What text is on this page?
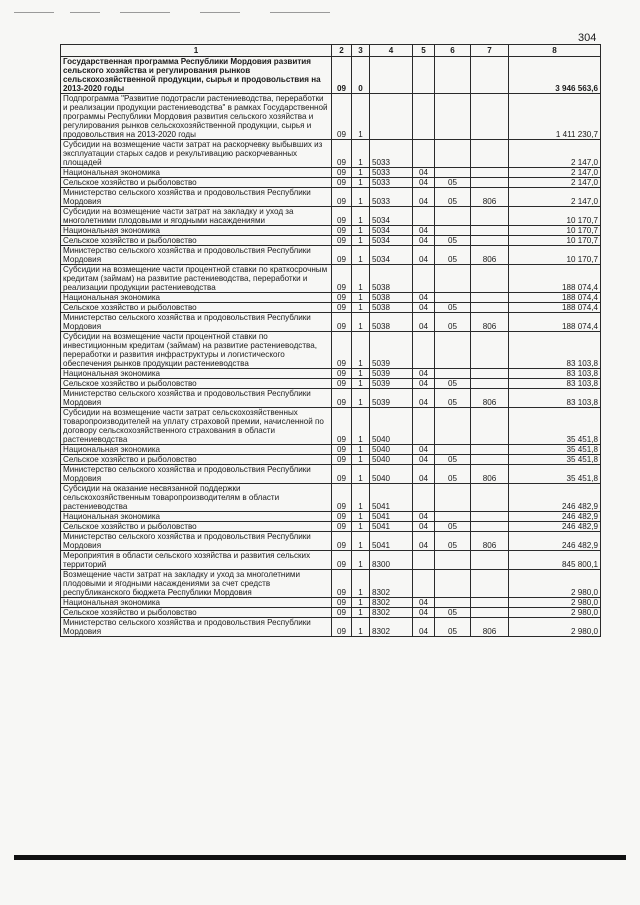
304
1	2	3	4	5	6	7	8
Государственная программа Республики Мордовия развития сельского хозяйства и регулирования рынков сельскохозяйственной продукции, сырья и продовольствия на 2013-2020 годы	09	0					3 946 563,6
Подпрограмма "Развитие подотрасли растениеводства, переработки и реализации продукции растениеводства" в рамках Государственной программы Республики Мордовия развития сельского хозяйства и регулирования рынков сельскохозяйственной продукции, сырья и продовольствия на 2013-2020 годы	09	1					1 411 230,7
Субсидии на возмещение части затрат на раскорчевку выбывших из эксплуатации старых садов и рекультивацию раскорчеванных площадей	09	1	5033				2 147,0
Национальная экономика	09	1	5033	04			2 147,0
Сельское хозяйство и рыболовство	09	1	5033	04	05		2 147,0
Министерство сельского хозяйства и продовольствия Республики Мордовия	09	1	5033	04	05	806	2 147,0
Субсидии на возмещение части затрат на закладку и уход за многолетними плодовыми и ягодными насаждениями	09	1	5034				10 170,7
Национальная экономика	09	1	5034	04			10 170,7
Сельское хозяйство и рыболовство	09	1	5034	04	05		10 170,7
Министерство сельского хозяйства и продовольствия Республики Мордовия	09	1	5034	04	05	806	10 170,7
Субсидии на возмещение части процентной ставки по краткосрочным кредитам (займам) на развитие растениеводства, переработки и реализации продукции растениеводства	09	1	5038				188 074,4
Национальная экономика	09	1	5038	04			188 074,4
Сельское хозяйство и рыболовство	09	1	5038	04	05		188 074,4
Министерство сельского хозяйства и продовольствия Республики Мордовия	09	1	5038	04	05	806	188 074,4
Субсидии на возмещение части процентной ставки по инвестиционным кредитам (займам) на развитие растениеводства, переработки и развития инфраструктуры и логистического обеспечения рынков продукции растениеводства	09	1	5039				83 103,8
Национальная экономика	09	1	5039	04			83 103,8
Сельское хозяйство и рыболовство	09	1	5039	04	05		83 103,8
Министерство сельского хозяйства и продовольствия Республики Мордовия	09	1	5039	04	05	806	83 103,8
Субсидии на возмещение части затрат сельскохозяйственных товаропроизводителей на уплату страховой премии, начисленной по договору сельскохозяйственного страхования в области растениеводства	09	1	5040				35 451,8
Национальная экономика	09	1	5040	04			35 451,8
Сельское хозяйство и рыболовство	09	1	5040	04	05		35 451,8
Министерство сельского хозяйства и продовольствия Республики Мордовия	09	1	5040	04	05	806	35 451,8
Субсидии на оказание несвязанной поддержки сельскохозяйственным товаропроизводителям в области растениеводства	09	1	5041				246 482,9
Национальная экономика	09	1	5041	04			246 482,9
Сельское хозяйство и рыболовство	09	1	5041	04	05		246 482,9
Министерство сельского хозяйства и продовольствия Республики Мордовия	09	1	5041	04	05	806	246 482,9
Мероприятия в области сельского хозяйства и развития сельских территорий	09	1	8300				845 800,1
Возмещение части затрат на закладку и уход за многолетними плодовыми и ягодными насаждениями за счет средств республиканского бюджета Республики Мордовия	09	1	8302				2 980,0
Национальная экономика	09	1	8302	04			2 980,0
Сельское хозяйство и рыболовство	09	1	8302	04	05		2 980,0
Министерство сельского хозяйства и продовольствия Республики Мордовия	09	1	8302	04	05	806	2 980,0
